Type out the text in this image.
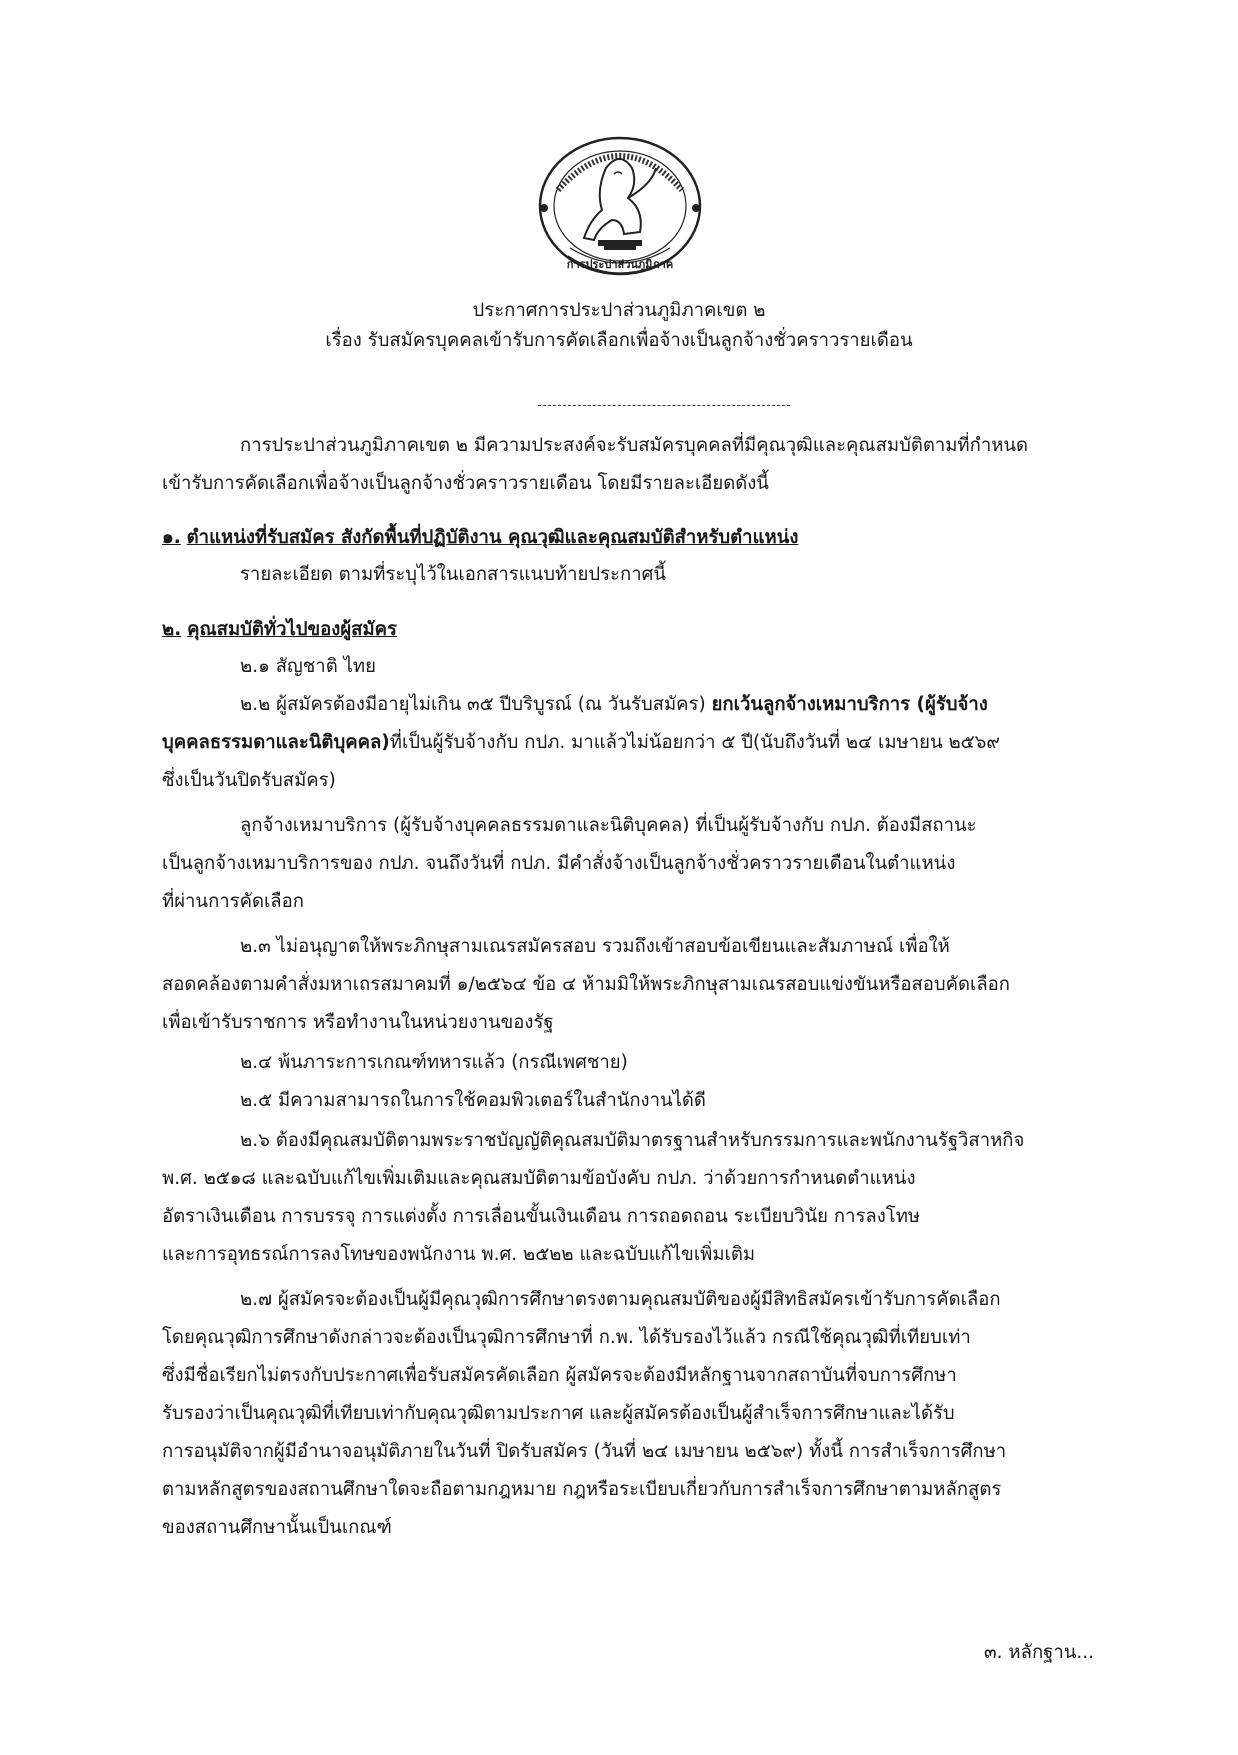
การประปาส่วนภูมิภาค
ประกาศการประปาส่วนภูมิภาคเขต ๒
เรื่อง รับสมัครบุคคลเข้ารับการคัดเลือกเพื่อจ้างเป็นลูกจ้างชั่วคราวรายเดือน
การประปาส่วนภูมิภาคเขต ๒ มีความประสงค์จะรับสมัครบุคคลที่มีคุณวุฒิและคุณสมบัติตามที่กำหนด
เข้ารับการคัดเลือกเพื่อจ้างเป็นลูกจ้างชั่วคราวรายเดือน โดยมีรายละเอียดดังนี้
๑. ตำแหน่งที่รับสมัคร สังกัดพื้นที่ปฏิบัติงาน คุณวุฒิและคุณสมบัติสำหรับตำแหน่ง
รายละเอียด ตามที่ระบุไว้ในเอกสารแนบท้ายประกาศนี้
๒. คุณสมบัติทั่วไปของผู้สมัคร
๒.๑ สัญชาติ ไทย
๒.๒ ผู้สมัครต้องมีอายุไม่เกิน ๓๕ ปีบริบูรณ์ (ณ วันรับสมัคร) ยกเว้นลูกจ้างเหมาบริการ (ผู้รับจ้าง
บุคคลธรรมดาและนิติบุคคล)ที่เป็นผู้รับจ้างกับ กปภ. มาแล้วไม่น้อยกว่า ๕ ปี(นับถึงวันที่ ๒๔ เมษายน ๒๕๖๙
ซึ่งเป็นวันปิดรับสมัคร)
ลูกจ้างเหมาบริการ (ผู้รับจ้างบุคคลธรรมดาและนิติบุคคล) ที่เป็นผู้รับจ้างกับ กปภ. ต้องมีสถานะ
เป็นลูกจ้างเหมาบริการของ กปภ. จนถึงวันที่ กปภ. มีคำสั่งจ้างเป็นลูกจ้างชั่วคราวรายเดือนในตำแหน่ง
ที่ผ่านการคัดเลือก
๒.๓ ไม่อนุญาตให้พระภิกษุสามเณรสมัครสอบ รวมถึงเข้าสอบข้อเขียนและสัมภาษณ์ เพื่อให้
สอดคล้องตามคำสั่งมหาเถรสมาคมที่ ๑/๒๕๖๔ ข้อ ๔ ห้ามมิให้พระภิกษุสามเณรสอบแข่งขันหรือสอบคัดเลือก
เพื่อเข้ารับราชการ หรือทำงานในหน่วยงานของรัฐ
๒.๔ พ้นภาระการเกณฑ์ทหารแล้ว (กรณีเพศชาย)
๒.๕ มีความสามารถในการใช้คอมพิวเตอร์ในสำนักงานได้ดี
๒.๖ ต้องมีคุณสมบัติตามพระราชบัญญัติคุณสมบัติมาตรฐานสำหรับกรรมการและพนักงานรัฐวิสาหกิจ
พ.ศ. ๒๕๑๘ และฉบับแก้ไขเพิ่มเติมและคุณสมบัติตามข้อบังคับ กปภ. ว่าด้วยการกำหนดตำแหน่ง
อัตราเงินเดือน การบรรจุ การแต่งตั้ง การเลื่อนขั้นเงินเดือน การถอดถอน ระเบียบวินัย การลงโทษ
และการอุทธรณ์การลงโทษของพนักงาน พ.ศ. ๒๕๒๒ และฉบับแก้ไขเพิ่มเติม
๒.๗ ผู้สมัครจะต้องเป็นผู้มีคุณวุฒิการศึกษาตรงตามคุณสมบัติของผู้มีสิทธิสมัครเข้ารับการคัดเลือก
โดยคุณวุฒิการศึกษาดังกล่าวจะต้องเป็นวุฒิการศึกษาที่ ก.พ. ได้รับรองไว้แล้ว กรณีใช้คุณวุฒิที่เทียบเท่า
ซึ่งมีชื่อเรียกไม่ตรงกับประกาศเพื่อรับสมัครคัดเลือก ผู้สมัครจะต้องมีหลักฐานจากสถาบันที่จบการศึกษา
รับรองว่าเป็นคุณวุฒิที่เทียบเท่ากับคุณวุฒิตามประกาศ และผู้สมัครต้องเป็นผู้สำเร็จการศึกษาและได้รับ
การอนุมัติจากผู้มีอำนาจอนุมัติภายในวันที่ ปิดรับสมัคร (วันที่ ๒๔ เมษายน ๒๕๖๙) ทั้งนี้ การสำเร็จการศึกษา
ตามหลักสูตรของสถานศึกษาใดจะถือตามกฎหมาย กฎหรือระเบียบเกี่ยวกับการสำเร็จการศึกษาตามหลักสูตร
ของสถานศึกษานั้นเป็นเกณฑ์
๓. หลักฐาน...
